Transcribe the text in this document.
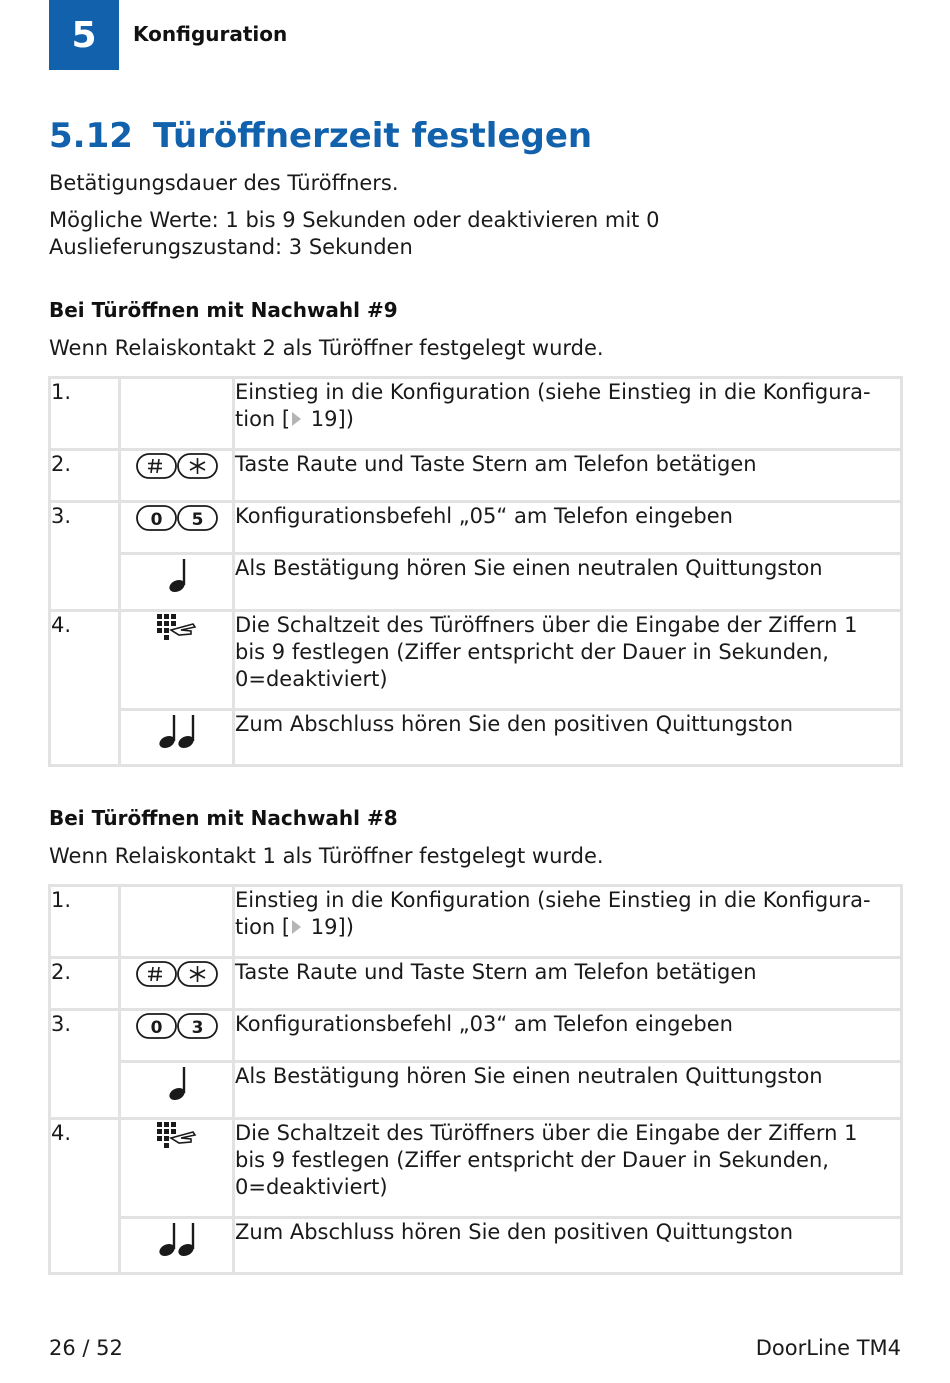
5 Konfiguration
5.12 Türöffnerzeit festlegen
Betätigungsdauer des Türöffners.
Mögliche Werte: 1 bis 9 Sekunden oder deaktivieren mit 0
Auslieferungszustand: 3 Sekunden
Bei Türöffnen mit Nachwahl #9
Wenn Relaiskontakt 2 als Türöffner festgelegt wurde.
1.		Einstieg in die Konfiguration (siehe Einstieg in die Konfigura-
tion [ 19])
2.		Taste Raute und Taste Stern am Telefon betätigen
3.	0 5	Konfigurationsbefehl „05“ am Telefon eingeben
	Als Bestätigung hören Sie einen neutralen Quittungston
4.		Die Schaltzeit des Türöffners über die Eingabe der Ziffern 1
bis 9 festlegen (Ziffer entspricht der Dauer in Sekunden,
0=deaktiviert)
	Zum Abschluss hören Sie den positiven Quittungston
Bei Türöffnen mit Nachwahl #8
Wenn Relaiskontakt 1 als Türöffner festgelegt wurde.
1.		Einstieg in die Konfiguration (siehe Einstieg in die Konfigura-
tion [ 19])
2.		Taste Raute und Taste Stern am Telefon betätigen
3.	0 3	Konfigurationsbefehl „03“ am Telefon eingeben
	Als Bestätigung hören Sie einen neutralen Quittungston
4.		Die Schaltzeit des Türöffners über die Eingabe der Ziffern 1
bis 9 festlegen (Ziffer entspricht der Dauer in Sekunden,
0=deaktiviert)
	Zum Abschluss hören Sie den positiven Quittungston
26 / 52	DoorLine TM4
